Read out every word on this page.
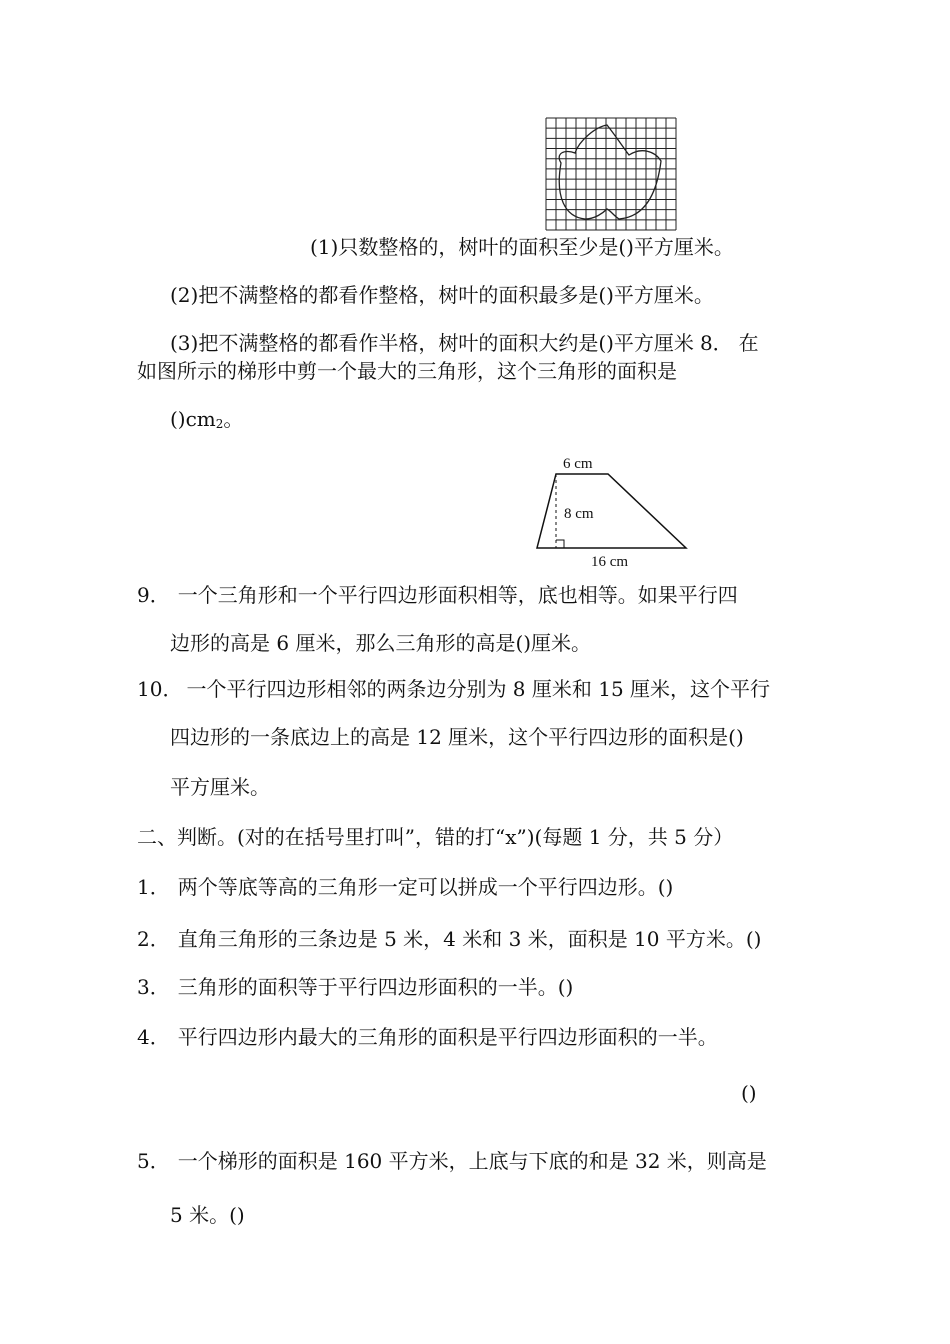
(1)只数整格的，树叶的面积至少是()平方厘米。
(2)把不满整格的都看作整格，树叶的面积最多是()平方厘米。
(3)把不满整格的都看作半格，树叶的面积大约是()平方厘米 8． 在
如图所示的梯形中剪一个最大的三角形，这个三角形的面积是
$()cm_2$。
6 cm
8 cm
16 cm
9． 一个三角形和一个平行四边形面积相等，底也相等。如果平行四
边形的高是 6 厘米，那么三角形的高是()厘米。
10． 一个平行四边形相邻的两条边分别为 8 厘米和 15 厘米，这个平行
四边形的一条底边上的高是 12 厘米，这个平行四边形的面积是()
平方厘米。
二、判断。(对的在括号里打叫”，错的打“x”)(每题 1 分，共 5 分）
1． 两个等底等高的三角形一定可以拼成一个平行四边形。()
2． 直角三角形的三条边是 5 米，4 米和 3 米，面积是 10 平方米。()
3． 三角形的面积等于平行四边形面积的一半。()
4． 平行四边形内最大的三角形的面积是平行四边形面积的一半。
()
5． 一个梯形的面积是 160 平方米，上底与下底的和是 32 米，则高是
5 米。()
